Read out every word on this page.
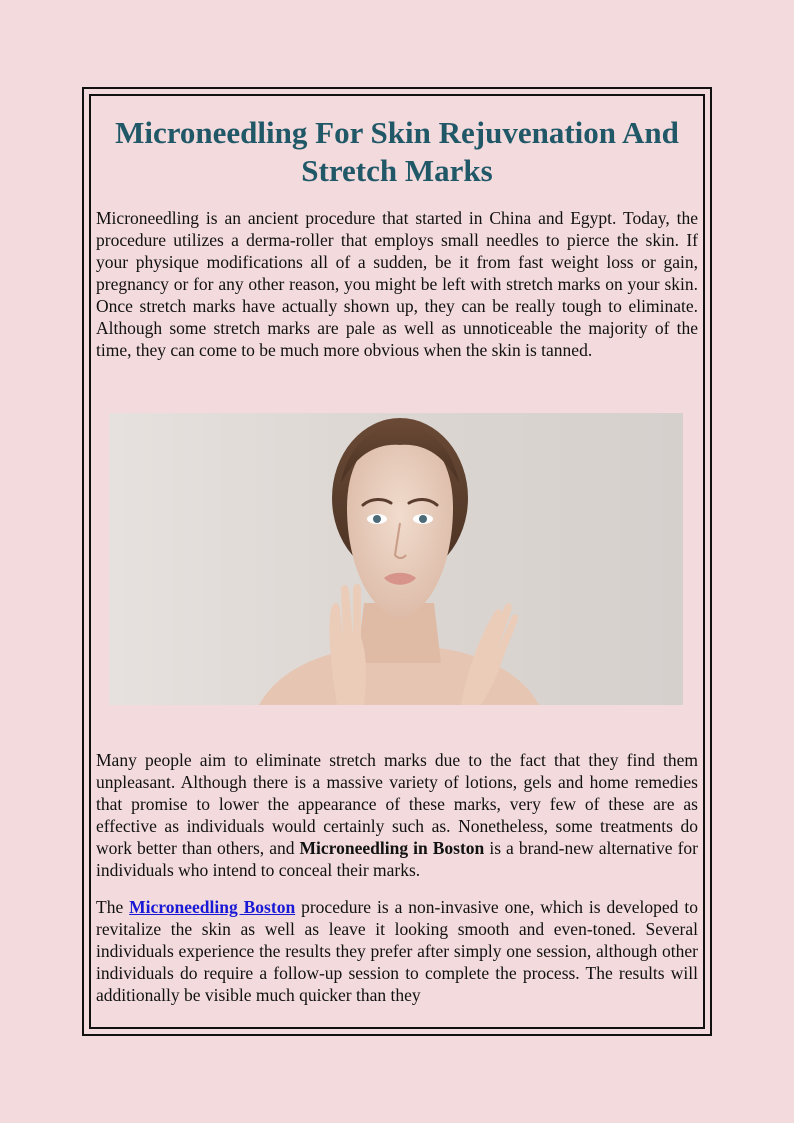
Microneedling For Skin Rejuvenation And Stretch Marks

Microneedling is an ancient procedure that started in China and Egypt. Today, the procedure utilizes a derma-roller that employs small needles to pierce the skin. If your physique modifications all of a sudden, be it from fast weight loss or gain, pregnancy or for any other reason, you might be left with stretch marks on your skin. Once stretch marks have actually shown up, they can be really tough to eliminate. Although some stretch marks are pale as well as unnoticeable the majority of the time, they can come to be much more obvious when the skin is tanned.

Many people aim to eliminate stretch marks due to the fact that they find them unpleasant. Although there is a massive variety of lotions, gels and home remedies that promise to lower the appearance of these marks, very few of these are as effective as individuals would certainly such as. Nonetheless, some treatments do work better than others, and Microneedling in Boston is a brand-new alternative for individuals who intend to conceal their marks.

The Microneedling Boston procedure is a non-invasive one, which is developed to revitalize the skin as well as leave it looking smooth and even-toned. Several individuals experience the results they prefer after simply one session, although other individuals do require a follow-up session to complete the process. The results will additionally be visible much quicker than they
